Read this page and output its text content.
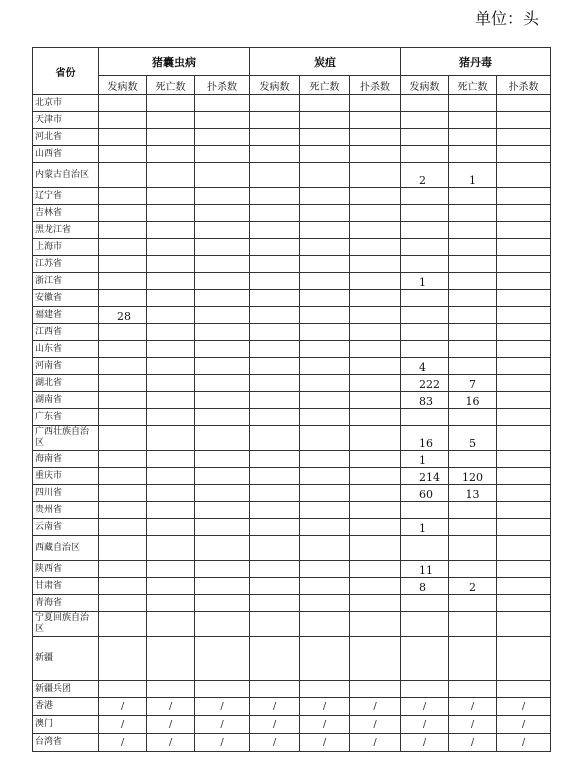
单位：头
省份	猪囊虫病			炭疽			猪丹毒		
	发病数	死亡数	扑杀数	发病数	死亡数	扑杀数	发病数	死亡数	扑杀数
北京市									
天津市									
河北省									
山西省									
内蒙古自治区							2	1	
辽宁省									
吉林省									
黑龙江省									
上海市									
江苏省									
浙江省							1		
安徽省									
福建省	28								
江西省									
山东省									
河南省							4		
湖北省							222	7	
湖南省							83	16	
广东省									
广西壮族自治区							16	5	
海南省							1		
重庆市							214	120	
四川省							60	13	
贵州省									
云南省							1		
西藏自治区									
陕西省							11		
甘肃省							8	2	
青海省									
宁夏回族自治区									
新疆									
新疆兵团									
香港	/	/	/	/	/	/	/	/	/
澳门	/	/	/	/	/	/	/	/	/
台湾省	/	/	/	/	/	/	/	/	/
